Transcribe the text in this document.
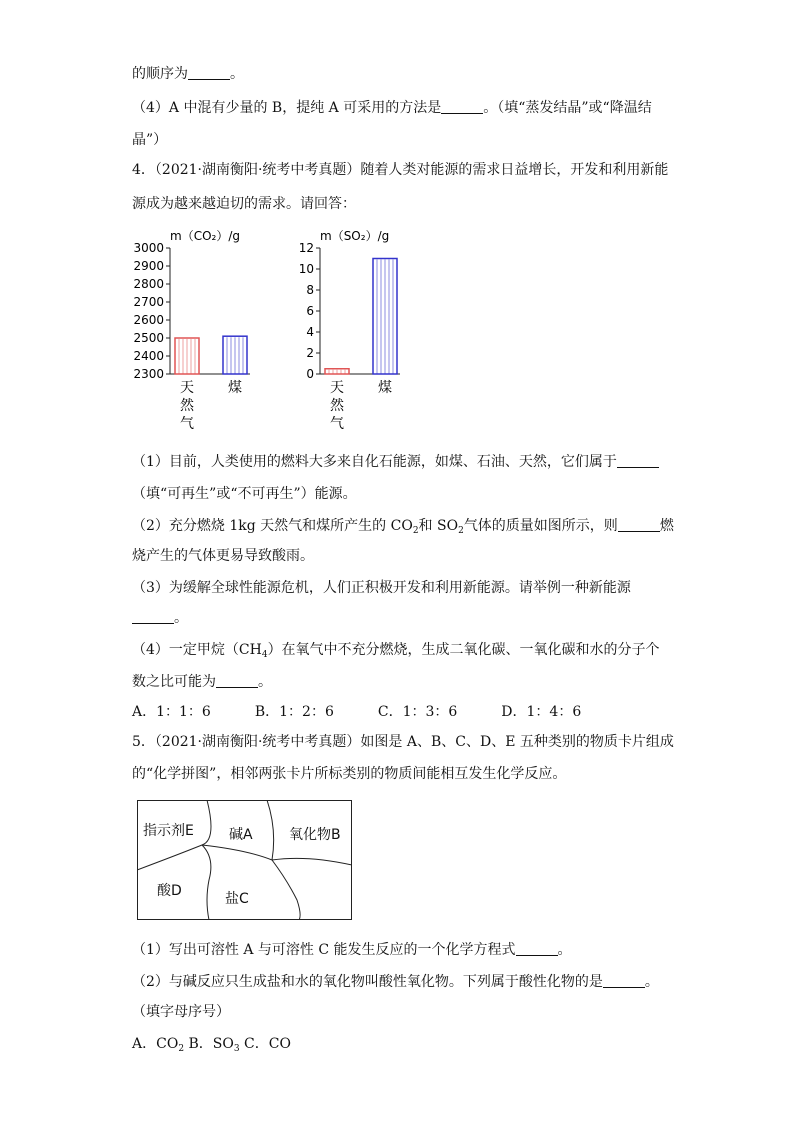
的顺序为	。
（4）A 中混有少量的 B，提纯 A 可采用的方法是	。（填“蒸发结晶”或“降温结
晶”）
4．（2021·湖南衡阳·统考中考真题）随着人类对能源的需求日益增长，开发和利用新能
源成为越来越迫切的需求。请回答：
m（CO₂）/g
2300
2400
2500
2600
2700
2800
2900
3000
天
然
气
煤
m（SO₂）/g
0
2
4
6
8
10
12
天
然
气
煤
（1）目前，人类使用的燃料大多来自化石能源，如煤、石油、天然，它们属于
（填“可再生”或“不可再生”）能源。
（2）充分燃烧 1kg 天然气和煤所产生的 $CO_2$和 $SO_2$气体的质量如图所示，则	燃
烧产生的气体更易导致酸雨。
（3）为缓解全球性能源危机，人们正积极开发和利用新能源。请举例一种新能源
。
（4）一定甲烷$(CH_4)$在氧气中不充分燃烧，生成二氧化碳、一氧化碳和水的分子个
数之比可能为	。
A．1：1：6	B．1：2：6	C．1：3：6	D．1：4：6
5．（2021·湖南衡阳·统考中考真题）如图是 A、B、C、D、E 五种类别的物质卡片组成
的“化学拼图”，相邻两张卡片所标类别的物质间能相互发生化学反应。
指示剂E	碱A	氧化物B
酸D	盐C
（1）写出可溶性 A 与可溶性 C 能发生反应的一个化学方程式	。
（2）与碱反应只生成盐和水的氧化物叫酸性氧化物。下列属于酸性化物的是	。
（填字母序号）
A．$CO_2$ B．$SO_3$ C．CO
